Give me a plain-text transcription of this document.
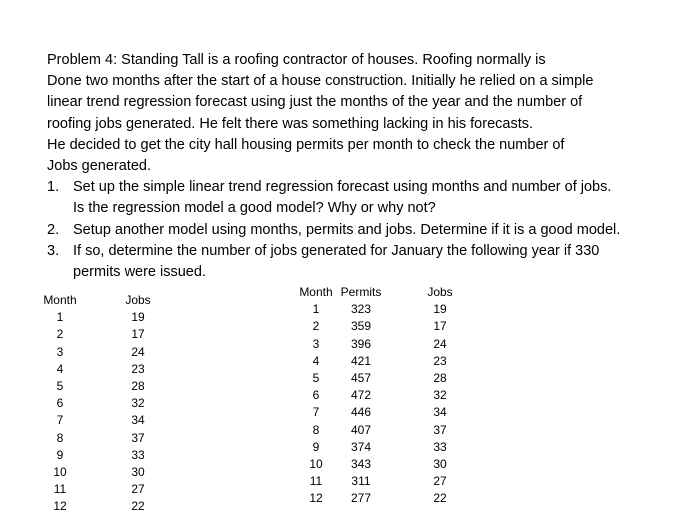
Problem 4: Standing Tall is a roofing contractor of houses. Roofing normally is

Done two months after the start of a house construction. Initially he relied on a simple

linear trend regression forecast using just the months of the year and the number of

roofing jobs generated. He felt there was something lacking in his forecasts.

He decided to get the city hall housing permits per month to check the number of

Jobs generated.

1. Set up the simple linear trend regression forecast using months and number of jobs.
Is the regression model a good model? Why or why not?
2. Setup another model using months, permits and jobs. Determine if it is a good model.
3. If so, determine the number of jobs generated for January the following year if 330
permits were issued.
Month		Jobs
1		19
2		17
3		24
4		23
5		28
6		32
7		34
8		37
9		33
10		30
11		27
12		22
Month	Permits		Jobs
1	323		19
2	359		17
3	396		24
4	421		23
5	457		28
6	472		32
7	446		34
8	407		37
9	374		33
10	343		30
11	311		27
12	277		22
